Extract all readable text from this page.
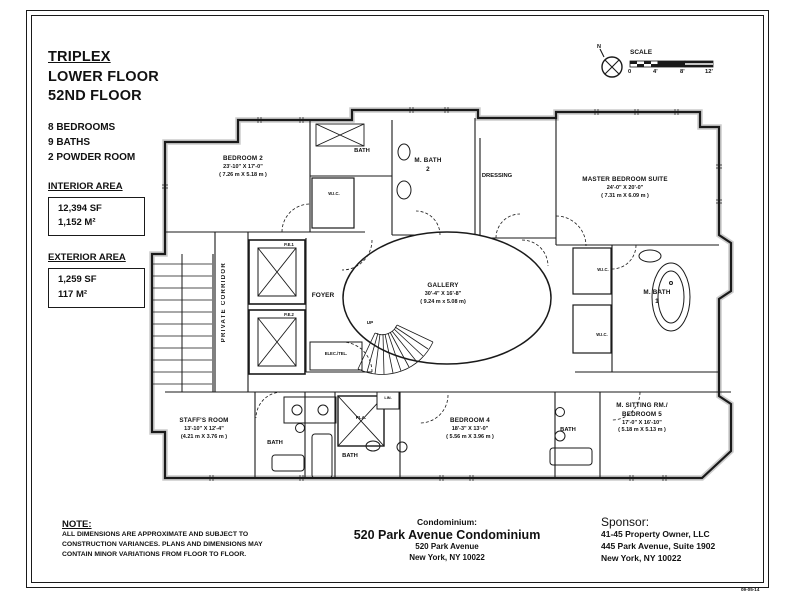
TRIPLEX
LOWER FLOOR
52ND FLOOR
8 BEDROOMS
9 BATHS
2 POWDER ROOM
INTERIOR AREA
12,394 SF
1,152 M²
EXTERIOR AREA
1,259 SF
117 M²
SCALE
N
0	4'	8'	12'
BEDROOM 2
23'-10" X 17'-0"
( 7.26 m X 5.18 m )
MASTER BEDROOM SUITE
24'-0" X 20'-0"
( 7.31 m X 6.09 m )
GALLERY
30'-4" X 16'-8"
( 9.24 m x 5.08 m)
STAFF'S ROOM
13'-10" X 12'-4"
(4.21 m X 3.76 m )
BEDROOM 4
18'-3" X 13'-0"
( 5.56 m X 3.96 m )
M. SITTING RM./
BEDROOM 5
17'-0" X 16'-10"
( 5.18 m X 5.13 m )
M. BATH
2
M. BATH
1
DRESSING
FOYER
PRIVATE CORRIDOR
BATH
BATH
BATH
BATH
W.I.C.
W.I.C.
W.I.C.
P.E.1
P.E.2
ELEC./TEL.
PLA.
LIN.
UP
NOTE:
ALL DIMENSIONS ARE APPROXIMATE AND SUBJECT TO
CONSTRUCTION VARIANCES. PLANS AND DIMENSIONS MAY
CONTAIN MINOR VARIATIONS FROM FLOOR TO FLOOR.
Condominium:
520 Park Avenue Condominium
520 Park Avenue
New York, NY 10022
Sponsor:
41-45 Property Owner, LLC
445 Park Avenue, Suite 1902
New York, NY 10022
09-05-14
